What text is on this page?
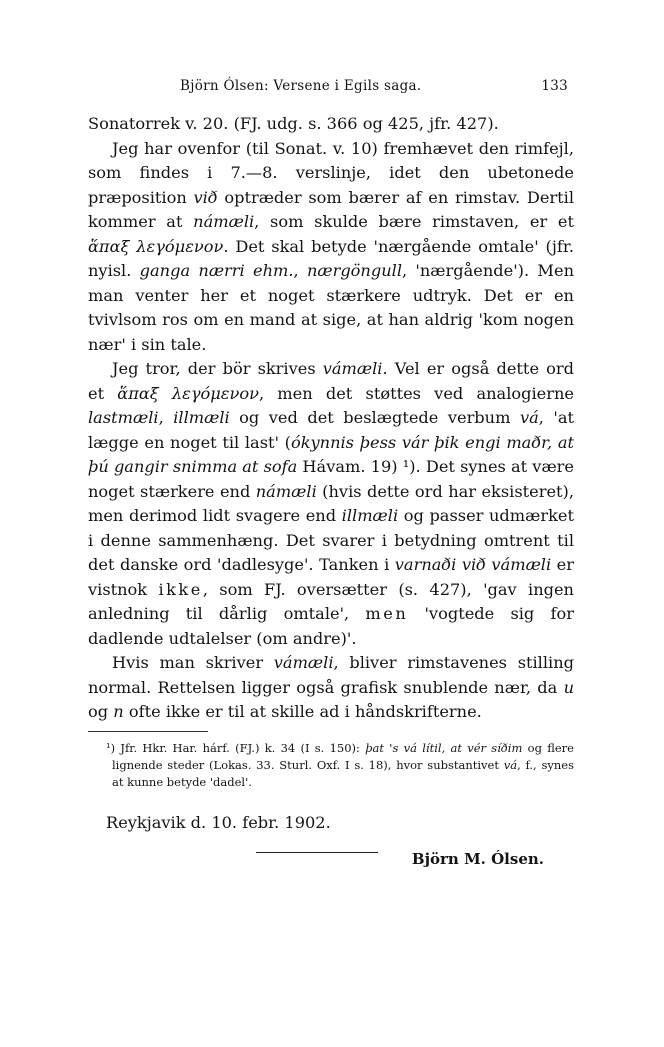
Björn Ólsen: Versene i Egils saga.	133

Sonatorrek v. 20. (FJ. udg. s. 366 og 425, jfr. 427).

Jeg har ovenfor (til Sonat. v. 10) fremhævet den rimfejl, som findes i 7.—8. verslinje, idet den ubetonede præposition við optræder som bærer af en rimstav. Dertil kommer at námæli, som skulde bære rimstaven, er et ἅπαξ λεγόμενον. Det skal betyde 'nærgående omtale' (jfr. nyisl. ganga nærri ehm., nærgöngull, 'nærgående'). Men man venter her et noget stærkere udtryk. Det er en tvivlsom ros om en mand at sige, at han aldrig 'kom nogen nær' i sin tale.

Jeg tror, der bör skrives vámæli. Vel er også dette ord et ἅπαξ λεγόμενον, men det støttes ved analogierne lastmæli, illmæli og ved det beslægtede verbum vá, 'at lægge en noget til last' (ókynnis þess vár þik engi maðr, at þú gangir snimma at sofa Hávam. 19) ¹). Det synes at være noget stærkere end námæli (hvis dette ord har eksisteret), men derimod lidt svagere end illmæli og passer udmærket i denne sammenhæng. Det svarer i betydning omtrent til det danske ord 'dadlesyge'. Tanken i varnaði við vámæli er vistnok ikke, som FJ. oversætter (s. 427), 'gav ingen anledning til dårlig omtale', men 'vogtede sig for dadlende udtalelser (om andre)'.

Hvis man skriver vámæli, bliver rimstavenes stilling normal. Rettelsen ligger også grafisk snublende nær, da u og n ofte ikke er til at skille ad i håndskrifterne.

¹) Jfr. Hkr. Har. hárf. (FJ.) k. 34 (I s. 150): þat 's vá lítil, at vér síðim og flere lignende steder (Lokas. 33. Sturl. Oxf. I s. 18), hvor substantivet vá, f., synes at kunne betyde 'dadel'.
Reykjavik d. 10. febr. 1902.
Björn M. Ólsen.
